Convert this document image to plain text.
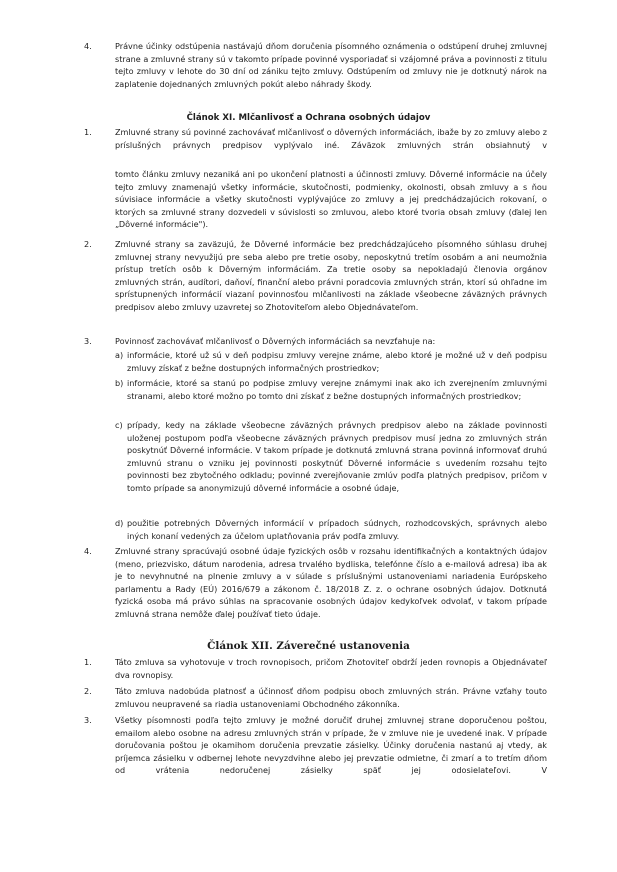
4.	Právne účinky odstúpenia nastávajú dňom doručenia písomného oznámenia o odstúpení druhej zmluvnej strane a zmluvné strany sú v takomto prípade povinné vysporiadať si vzájomné práva a povinnosti z titulu tejto zmluvy v lehote do 30 dní od zániku tejto zmluvy. Odstúpením od zmluvy nie je dotknutý nárok na zaplatenie dojednaných zmluvných pokút alebo náhrady škody.
Článok XI. Mlčanlivosť a Ochrana osobných údajov
1.	Zmluvné strany sú povinné zachovávať mlčanlivosť o dôverných informáciách, ibaže by zo zmluvy alebo z príslušných právnych predpisov vyplývalo iné. Záväzok zmluvných strán obsiahnutý v
tomto článku zmluvy nezaniká ani po ukončení platnosti a účinnosti zmluvy. Dôverné informácie na účely tejto zmluvy znamenajú všetky informácie, skutočnosti, podmienky, okolnosti, obsah zmluvy a s ňou súvisiace informácie a všetky skutočnosti vyplývajúce zo zmluvy a jej predchádzajúcich rokovaní, o ktorých sa zmluvné strany dozvedeli v súvislosti so zmluvou, alebo ktoré tvoria obsah zmluvy (ďalej len „Dôverné informácie").
2.	Zmluvné strany sa zaväzujú, že Dôverné informácie bez predchádzajúceho písomného súhlasu druhej zmluvnej strany nevyužijú pre seba alebo pre tretie osoby, neposkytnú tretím osobám a ani neumožnia prístup tretích osôb k Dôverným informáciám. Za tretie osoby sa nepokladajú členovia orgánov zmluvných strán, audítori, daňoví, finanční alebo právni poradcovia zmluvných strán, ktorí sú ohľadne im sprístupnených informácií viazaní povinnosťou mlčanlivosti na základe všeobecne záväzných právnych predpisov alebo zmluvy uzavretej so Zhotoviteľom alebo Objednávateľom.
3.	Povinnosť zachovávať mlčanlivosť o Dôverných informáciách sa nevzťahuje na:
a) informácie, ktoré už sú v deň podpisu zmluvy verejne známe, alebo ktoré je možné už v deň podpisu zmluvy získať z bežne dostupných informačných prostriedkov;
b) informácie, ktoré sa stanú po podpise zmluvy verejne známymi inak ako ich zverejnením zmluvnými stranami, alebo ktoré možno po tomto dni získať z bežne dostupných informačných prostriedkov;
c) prípady, kedy na základe všeobecne záväzných právnych predpisov alebo na základe povinnosti uloženej postupom podľa všeobecne záväzných právnych predpisov musí jedna zo zmluvných strán poskytnúť Dôverné informácie. V takom prípade je dotknutá zmluvná strana povinná informovať druhú zmluvnú stranu o vzniku jej povinnosti poskytnúť Dôverné informácie s uvedením rozsahu tejto povinnosti bez zbytočného odkladu; povinné zverejňovanie zmlúv podľa platných predpisov, pričom v tomto prípade sa anonymizujú dôverné informácie a osobné údaje,
d) použitie potrebných Dôverných informácií v prípadoch súdnych, rozhodcovských, správnych alebo iných konaní vedených za účelom uplatňovania práv podľa zmluvy.
4.	Zmluvné strany spracúvajú osobné údaje fyzických osôb v rozsahu identifikačných a kontaktných údajov (meno, priezvisko, dátum narodenia, adresa trvalého bydliska, telefónne číslo a e-mailová adresa) iba ak je to nevyhnutné na plnenie zmluvy a v súlade s príslušnými ustanoveniami nariadenia Európskeho parlamentu a Rady (EÚ) 2016/679 a zákonom č. 18/2018 Z. z. o ochrane osobných údajov. Dotknutá fyzická osoba má právo súhlas na spracovanie osobných údajov kedykoľvek odvolať, v takom prípade zmluvná strana nemôže ďalej používať tieto údaje.
Článok XII. Záverečné ustanovenia
1.	Táto zmluva sa vyhotovuje v troch rovnopisoch, pričom Zhotoviteľ obdrží jeden rovnopis a Objednávateľ dva rovnopisy.
2.	Táto zmluva nadobúda platnosť a účinnosť dňom podpisu oboch zmluvných strán. Právne vzťahy touto zmluvou neupravené sa riadia ustanoveniami Obchodného zákonníka.
3.	Všetky písomnosti podľa tejto zmluvy je možné doručiť druhej zmluvnej strane doporučenou poštou, emailom alebo osobne na adresu zmluvných strán v prípade, že v zmluve nie je uvedené inak. V prípade doručovania poštou je okamihom doručenia prevzatie zásielky. Účinky doručenia nastanú aj vtedy, ak príjemca zásielku v odbernej lehote nevyzdvihne alebo jej prevzatie odmietne, či zmarí a to tretím dňom od vrátenia nedoručenej zásielky späť jej odosielateľovi. V
